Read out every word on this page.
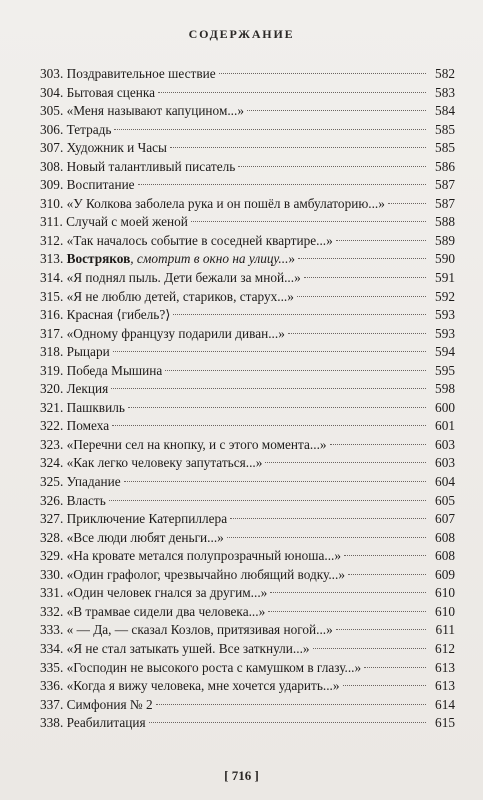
СОДЕРЖАНИЕ
303. Поздравительное шествие	582
304. Бытовая сценка	583
305. «Меня называют капуцином...»	584
306. Тетрадь	585
307. Художник и Часы	585
308. Новый талантливый писатель	586
309. Воспитание	587
310. «У Колкова заболела рука и он пошёл в амбулаторию...»	587
311. Случай с моей женой	588
312. «Так началось событие в соседней квартире...»	589
313. Востряков, смотрит в окно на улицу...»	590
314. «Я поднял пыль. Дети бежали за мной...»	591
315. «Я не люблю детей, стариков, старух...»	592
316. Красная ⟨гибель?⟩	593
317. «Одному французу подарили диван...»	593
318. Рыцари	594
319. Победа Мышина	595
320. Лекция	598
321. Пашквиль	600
322. Помеха	601
323. «Перечни сел на кнопку, и с этого момента...»	603
324. «Как легко человеку запутаться...»	603
325. Упадание	604
326. Власть	605
327. Приключение Катерпиллера	607
328. «Все люди любят деньги...»	608
329. «На кровате метался полупрозрачный юноша...»	608
330. «Один графолог, чрезвычайно любящий водку...»	609
331. «Один человек гнался за другим...»	610
332. «В трамвае сидели два человека...»	610
333. « — Да, — сказал Козлов, притязивая ногой...»	611
334. «Я не стал затыкать ушей. Все заткнули...»	612
335. «Господин не высокого роста с камушком в глазу...»	613
336. «Когда я вижу человека, мне хочется ударить...»	613
337. Симфония № 2	614
338. Реабилитация	615
[ 716 ]
